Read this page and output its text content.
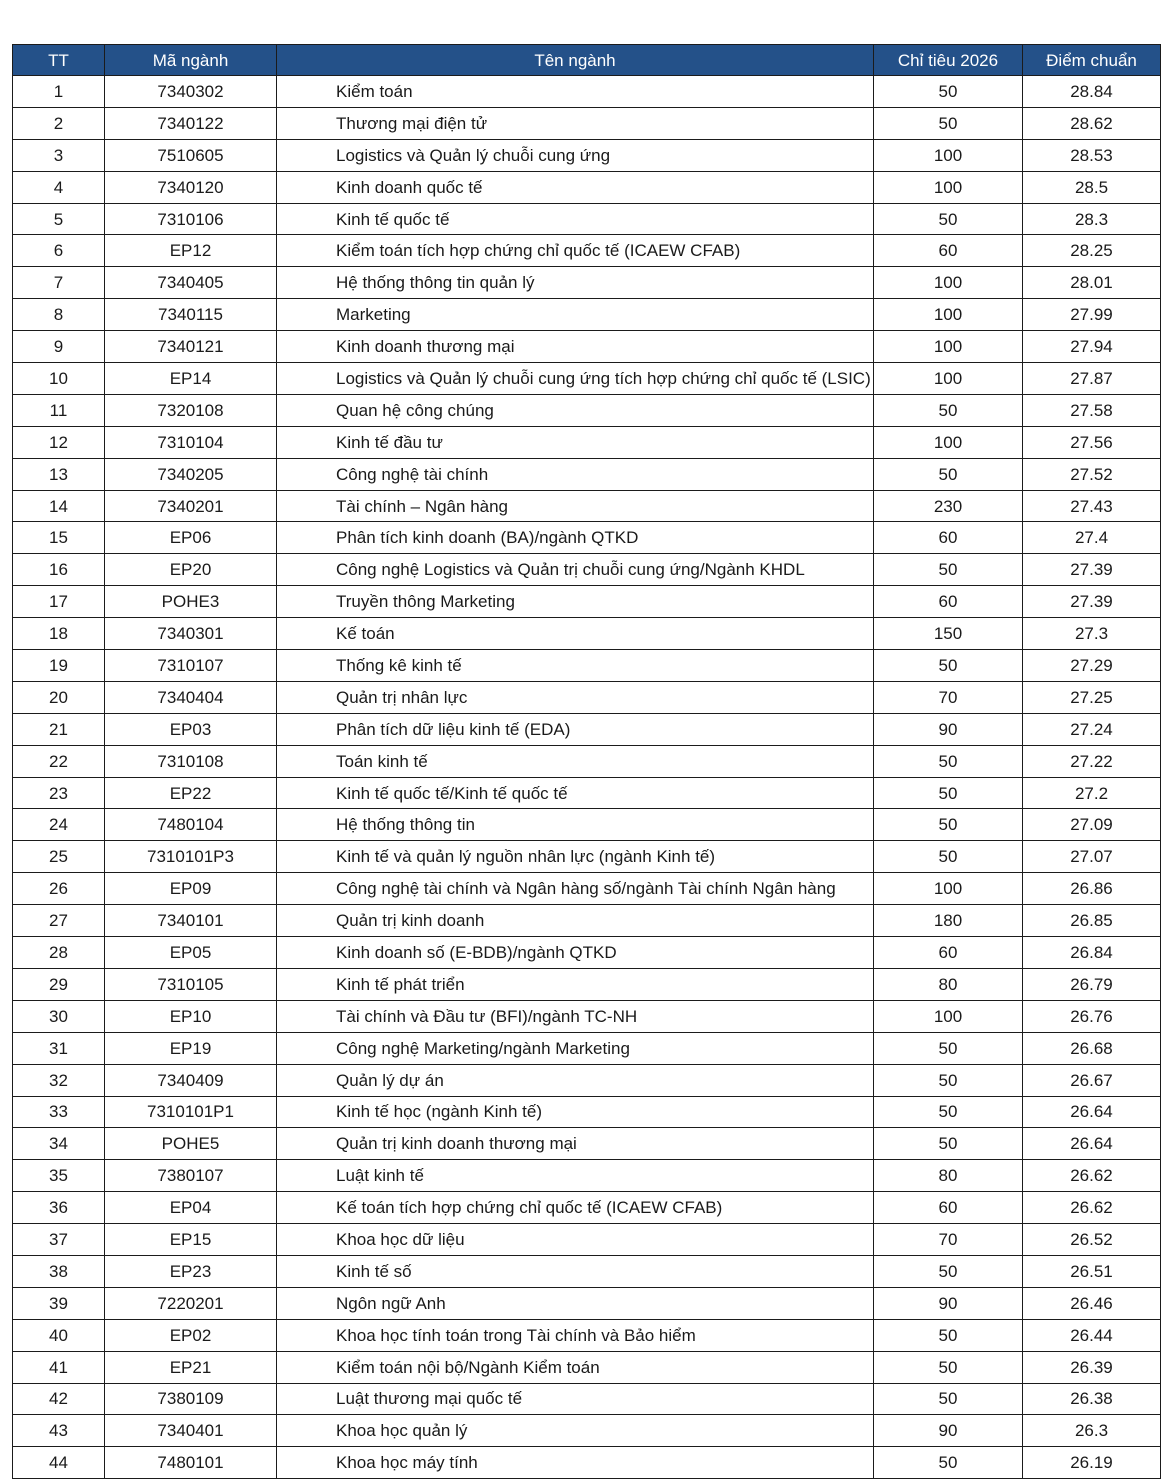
TT	Mã ngành	Tên ngành	Chỉ tiêu 2026	Điểm chuẩn
1	7340302	Kiểm toán	50	28.84
2	7340122	Thương mại điện tử	50	28.62
3	7510605	Logistics và Quản lý chuỗi cung ứng	100	28.53
4	7340120	Kinh doanh quốc tế	100	28.5
5	7310106	Kinh tế quốc tế	50	28.3
6	EP12	Kiểm toán tích hợp chứng chỉ quốc tế (ICAEW CFAB)	60	28.25
7	7340405	Hệ thống thông tin quản lý	100	28.01
8	7340115	Marketing	100	27.99
9	7340121	Kinh doanh thương mại	100	27.94
10	EP14	Logistics và Quản lý chuỗi cung ứng tích hợp chứng chỉ quốc tế (LSIC)	100	27.87
11	7320108	Quan hệ công chúng	50	27.58
12	7310104	Kinh tế đầu tư	100	27.56
13	7340205	Công nghệ tài chính	50	27.52
14	7340201	Tài chính – Ngân hàng	230	27.43
15	EP06	Phân tích kinh doanh (BA)/ngành QTKD	60	27.4
16	EP20	Công nghệ Logistics và Quản trị chuỗi cung ứng/Ngành KHDL	50	27.39
17	POHE3	Truyền thông Marketing	60	27.39
18	7340301	Kế toán	150	27.3
19	7310107	Thống kê kinh tế	50	27.29
20	7340404	Quản trị nhân lực	70	27.25
21	EP03	Phân tích dữ liệu kinh tế (EDA)	90	27.24
22	7310108	Toán kinh tế	50	27.22
23	EP22	Kinh tế quốc tế/Kinh tế quốc tế	50	27.2
24	7480104	Hệ thống thông tin	50	27.09
25	7310101P3	Kinh tế và quản lý nguồn nhân lực (ngành Kinh tế)	50	27.07
26	EP09	Công nghệ tài chính và Ngân hàng số/ngành Tài chính Ngân hàng	100	26.86
27	7340101	Quản trị kinh doanh	180	26.85
28	EP05	Kinh doanh số (E-BDB)/ngành QTKD	60	26.84
29	7310105	Kinh tế phát triển	80	26.79
30	EP10	Tài chính và Đầu tư (BFI)/ngành TC-NH	100	26.76
31	EP19	Công nghệ Marketing/ngành Marketing	50	26.68
32	7340409	Quản lý dự án	50	26.67
33	7310101P1	Kinh tế học (ngành Kinh tế)	50	26.64
34	POHE5	Quản trị kinh doanh thương mại	50	26.64
35	7380107	Luật kinh tế	80	26.62
36	EP04	Kế toán tích hợp chứng chỉ quốc tế (ICAEW CFAB)	60	26.62
37	EP15	Khoa học dữ liệu	70	26.52
38	EP23	Kinh tế số	50	26.51
39	7220201	Ngôn ngữ Anh	90	26.46
40	EP02	Khoa học tính toán trong Tài chính và Bảo hiểm	50	26.44
41	EP21	Kiểm toán nội bộ/Ngành Kiểm toán	50	26.39
42	7380109	Luật thương mại quốc tế	50	26.38
43	7340401	Khoa học quản lý	90	26.3
44	7480101	Khoa học máy tính	50	26.19
